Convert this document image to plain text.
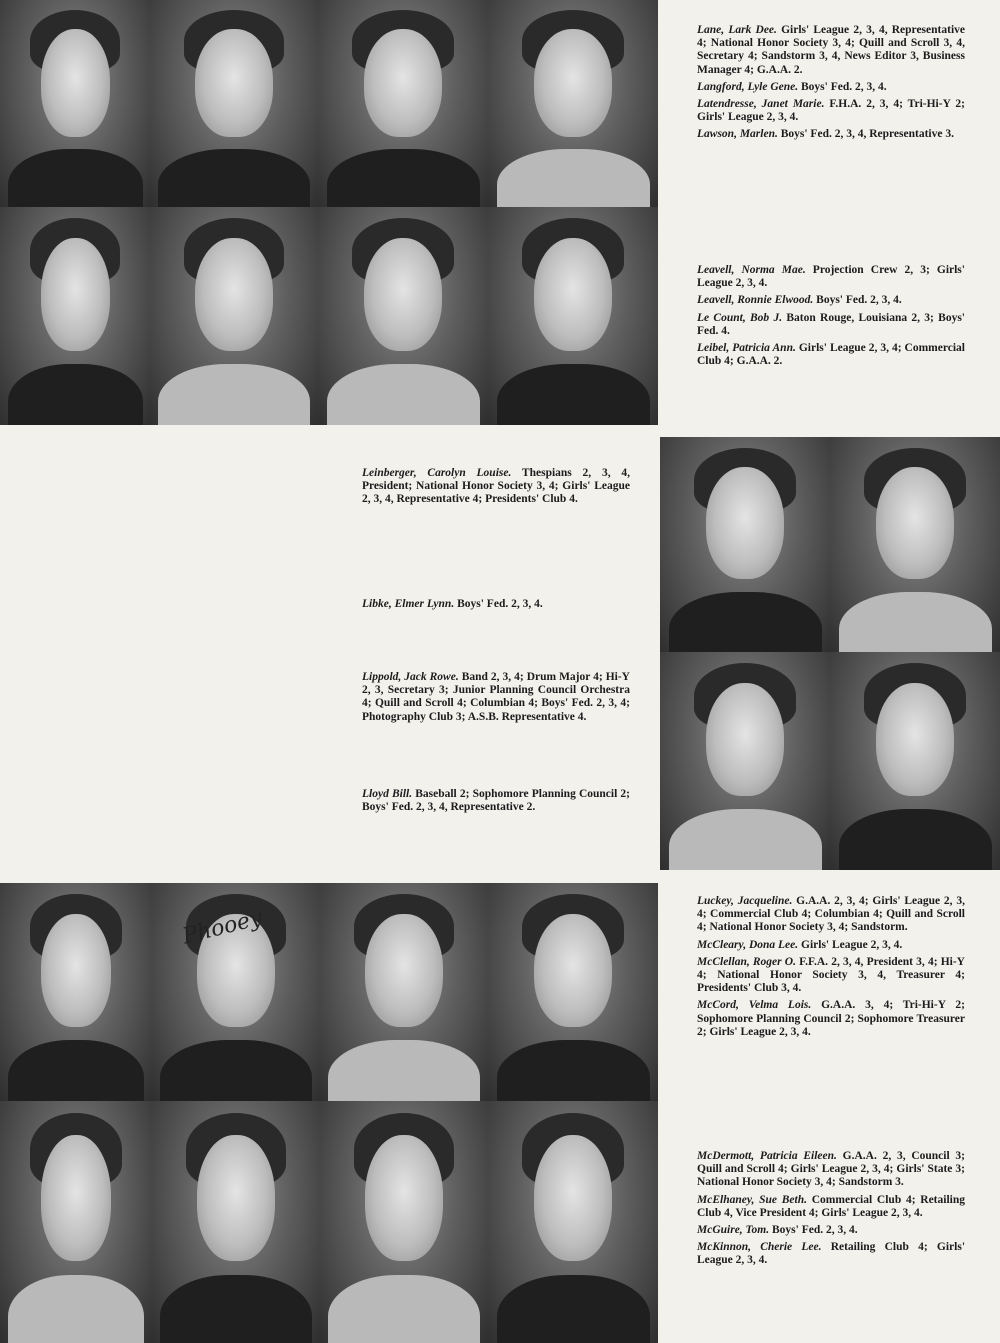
Phooey
Lane, Lark Dee. Girls' League 2, 3, 4, Representative 4; National Honor Society 3, 4; Quill and Scroll 3, 4, Secretary 4; Sandstorm 3, 4, News Editor 3, Business Manager 4; G.A.A. 2.
Langford, Lyle Gene. Boys' Fed. 2, 3, 4.
Latendresse, Janet Marie. F.H.A. 2, 3, 4; Tri-Hi-Y 2; Girls' League 2, 3, 4.
Lawson, Marlen. Boys' Fed. 2, 3, 4, Representative 3.
Leavell, Norma Mae. Projection Crew 2, 3; Girls' League 2, 3, 4.
Leavell, Ronnie Elwood. Boys' Fed. 2, 3, 4.
Le Count, Bob J. Baton Rouge, Louisiana 2, 3; Boys' Fed. 4.
Leibel, Patricia Ann. Girls' League 2, 3, 4; Commercial Club 4; G.A.A. 2.
Leinberger, Carolyn Louise. Thespians 2, 3, 4, President; National Honor Society 3, 4; Girls' League 2, 3, 4, Representative 4; Presidents' Club 4.
Libke, Elmer Lynn. Boys' Fed. 2, 3, 4.
Lippold, Jack Rowe. Band 2, 3, 4; Drum Major 4; Hi-Y 2, 3, Secretary 3; Junior Planning Council Orchestra 4; Quill and Scroll 4; Columbian 4; Boys' Fed. 2, 3, 4; Photography Club 3; A.S.B. Representative 4.
Lloyd Bill. Baseball 2; Sophomore Planning Council 2; Boys' Fed. 2, 3, 4, Representative 2.
Luckey, Jacqueline. G.A.A. 2, 3, 4; Girls' League 2, 3, 4; Commercial Club 4; Columbian 4; Quill and Scroll 4; National Honor Society 3, 4; Sandstorm.
McCleary, Dona Lee. Girls' League 2, 3, 4.
McClellan, Roger O. F.F.A. 2, 3, 4, President 3, 4; Hi-Y 4; National Honor Society 3, 4, Treasurer 4; Presidents' Club 3, 4.
McCord, Velma Lois. G.A.A. 3, 4; Tri-Hi-Y 2; Sophomore Planning Council 2; Sophomore Treasurer 2; Girls' League 2, 3, 4.
McDermott, Patricia Eileen. G.A.A. 2, 3, Council 3; Quill and Scroll 4; Girls' League 2, 3, 4; Girls' State 3; National Honor Society 3, 4; Sandstorm 3.
McElhaney, Sue Beth. Commercial Club 4; Retailing Club 4, Vice President 4; Girls' League 2, 3, 4.
McGuire, Tom. Boys' Fed. 2, 3, 4.
McKinnon, Cherie Lee. Retailing Club 4; Girls' League 2, 3, 4.
